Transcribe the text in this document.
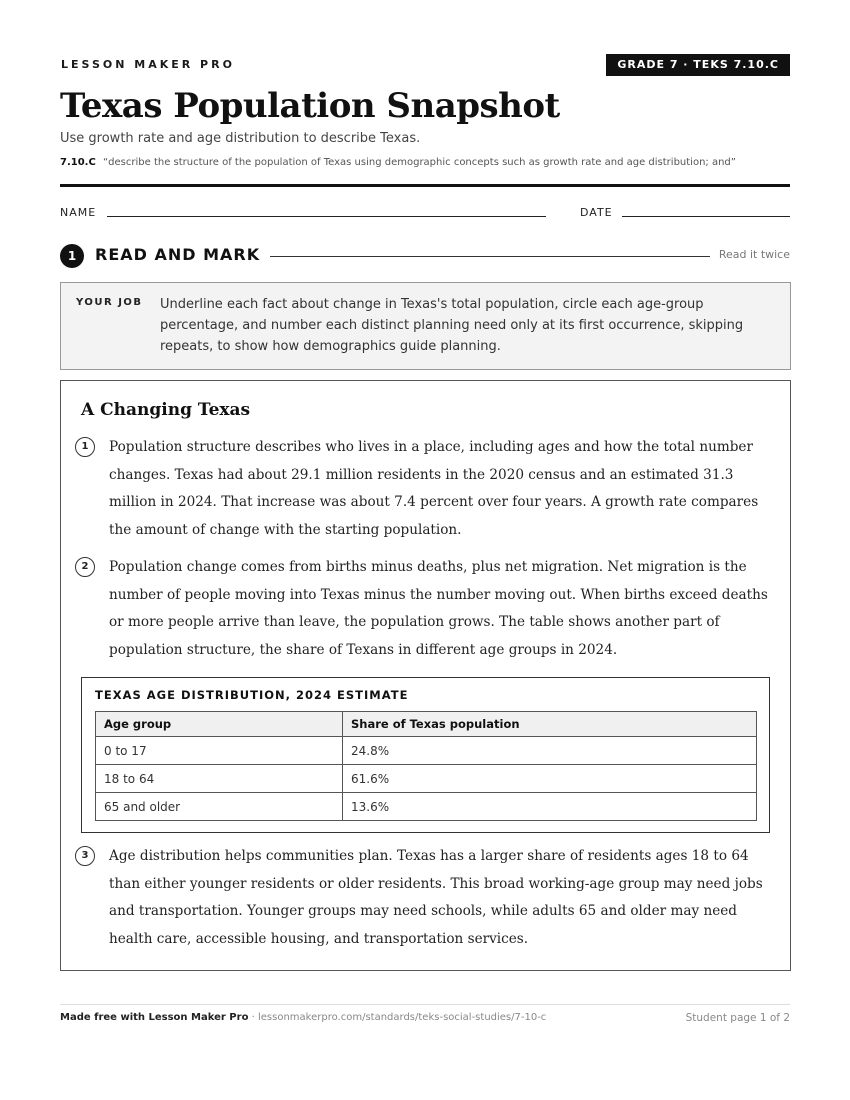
LESSON MAKER PRO	GRADE 7 · TEKS 7.10.C
Texas Population Snapshot
Use growth rate and age distribution to describe Texas.
7.10.C “describe the structure of the population of Texas using demographic concepts such as growth rate and age distribution; and”
NAME	DATE
1	READ AND MARK	Read it twice
YOUR JOB Underline each fact about change in Texas's total population, circle each age-group percentage, and number each distinct planning need only at its first occurrence, skipping repeats, to show how demographics guide planning.
A Changing Texas
1	Population structure describes who lives in a place, including ages and how the total number changes. Texas had about 29.1 million residents in the 2020 census and an estimated 31.3 million in 2024. That increase was about 7.4 percent over four years. A growth rate compares the amount of change with the starting population.
2	Population change comes from births minus deaths, plus net migration. Net migration is the number of people moving into Texas minus the number moving out. When births exceed deaths or more people arrive than leave, the population grows. The table shows another part of population structure, the share of Texans in different age groups in 2024.
TEXAS AGE DISTRIBUTION, 2024 ESTIMATE
Age group	Share of Texas population
0 to 17	24.8%
18 to 64	61.6%
65 and older	13.6%
3	Age distribution helps communities plan. Texas has a larger share of residents ages 18 to 64 than either younger residents or older residents. This broad working-age group may need jobs and transportation. Younger groups may need schools, while adults 65 and older may need health care, accessible housing, and transportation services.
Made free with Lesson Maker Pro · lessonmakerpro.com/standards/teks-social-studies/7-10-c	Student page 1 of 2
